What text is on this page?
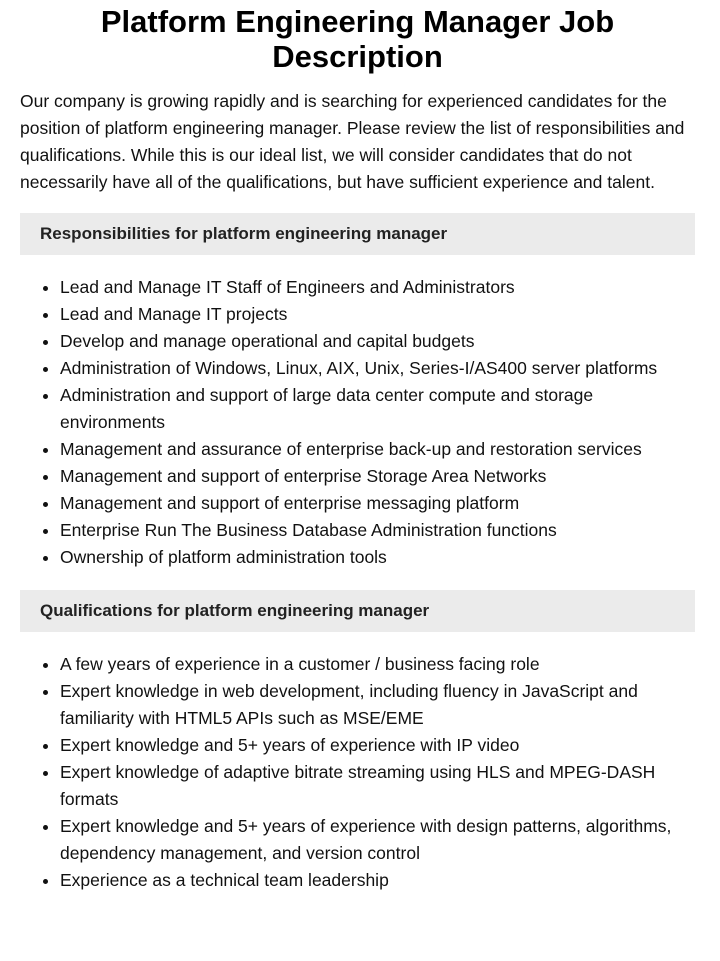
Platform Engineering Manager Job Description

Our company is growing rapidly and is searching for experienced candidates for the position of platform engineering manager. Please review the list of responsibilities and qualifications. While this is our ideal list, we will consider candidates that do not necessarily have all of the qualifications, but have sufficient experience and talent.

Responsibilities for platform engineering manager
• Lead and Manage IT Staff of Engineers and Administrators
• Lead and Manage IT projects
• Develop and manage operational and capital budgets
• Administration of Windows, Linux, AIX, Unix, Series-I/AS400 server platforms
• Administration and support of large data center compute and storage environments
• Management and assurance of enterprise back-up and restoration services
• Management and support of enterprise Storage Area Networks
• Management and support of enterprise messaging platform
• Enterprise Run The Business Database Administration functions
• Ownership of platform administration tools
Qualifications for platform engineering manager
• A few years of experience in a customer / business facing role
• Expert knowledge in web development, including fluency in JavaScript and familiarity with HTML5 APIs such as MSE/EME
• Expert knowledge and 5+ years of experience with IP video
• Expert knowledge of adaptive bitrate streaming using HLS and MPEG-DASH formats
• Expert knowledge and 5+ years of experience with design patterns, algorithms, dependency management, and version control
• Experience as a technical team leadership
